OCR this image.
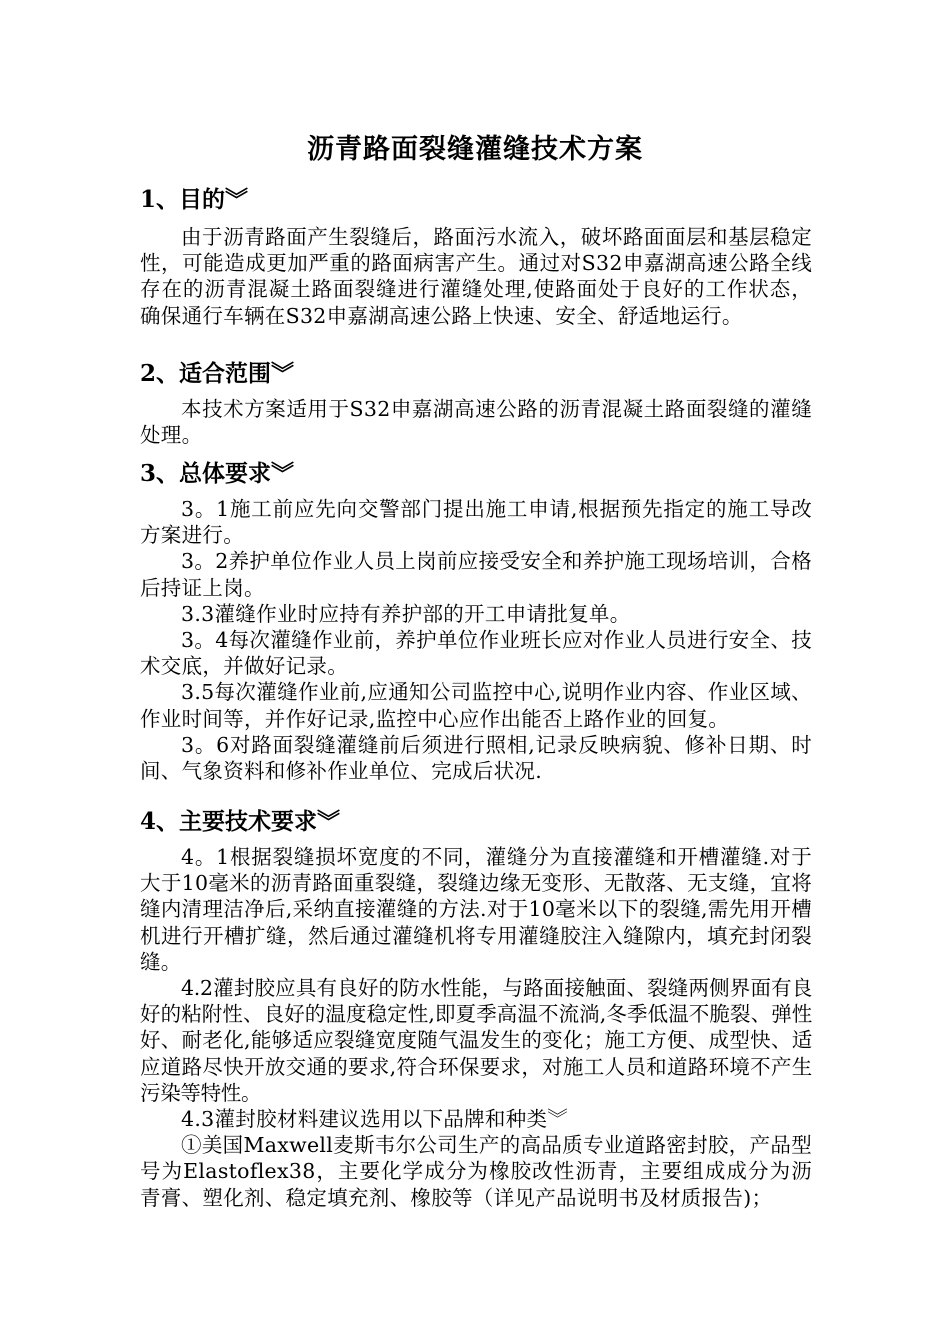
沥青路面裂缝灌缝技术方案
1、目的︾

由于沥青路面产生裂缝后，路面污水流入，破坏路面面层和基层稳定性，可能造成更加严重的路面病害产生。通过对S32申嘉湖高速公路全线存在的沥青混凝土路面裂缝进行灌缝处理,使路面处于良好的工作状态，确保通行车辆在S32申嘉湖高速公路上快速、安全、舒适地运行。

2、适合范围︾

本技术方案适用于S32申嘉湖高速公路的沥青混凝土路面裂缝的灌缝处理。

3、总体要求︾

3。1施工前应先向交警部门提出施工申请,根据预先指定的施工导改方案进行。

3。2养护单位作业人员上岗前应接受安全和养护施工现场培训，合格后持证上岗。

3.3灌缝作业时应持有养护部的开工申请批复单。

3。4每次灌缝作业前，养护单位作业班长应对作业人员进行安全、技术交底，并做好记录。

3.5每次灌缝作业前,应通知公司监控中心,说明作业内容、作业区域、作业时间等，并作好记录,监控中心应作出能否上路作业的回复。

3。6对路面裂缝灌缝前后须进行照相,记录反映病貌、修补日期、时间、气象资料和修补作业单位、完成后状况.

4、主要技术要求︾

4。1根据裂缝损坏宽度的不同，灌缝分为直接灌缝和开槽灌缝.对于大于10毫米的沥青路面重裂缝，裂缝边缘无变形、无散落、无支缝，宜将缝内清理洁净后,采纳直接灌缝的方法.对于10毫米以下的裂缝,需先用开槽机进行开槽扩缝，然后通过灌缝机将专用灌缝胶注入缝隙内，填充封闭裂缝。

4.2灌封胶应具有良好的防水性能，与路面接触面、裂缝两侧界面有良好的粘附性、良好的温度稳定性,即夏季高温不流淌,冬季低温不脆裂、弹性好、耐老化,能够适应裂缝宽度随气温发生的变化；施工方便、成型快、适应道路尽快开放交通的要求,符合环保要求，对施工人员和道路环境不产生污染等特性。

4.3灌封胶材料建议选用以下品牌和种类︾

①美国Maxwell麦斯韦尔公司生产的高品质专业道路密封胶，产品型号为Elastoflex38，主要化学成分为橡胶改性沥青，主要组成成分为沥青膏、塑化剂、稳定填充剂、橡胶等（详见产品说明书及材质报告)；
